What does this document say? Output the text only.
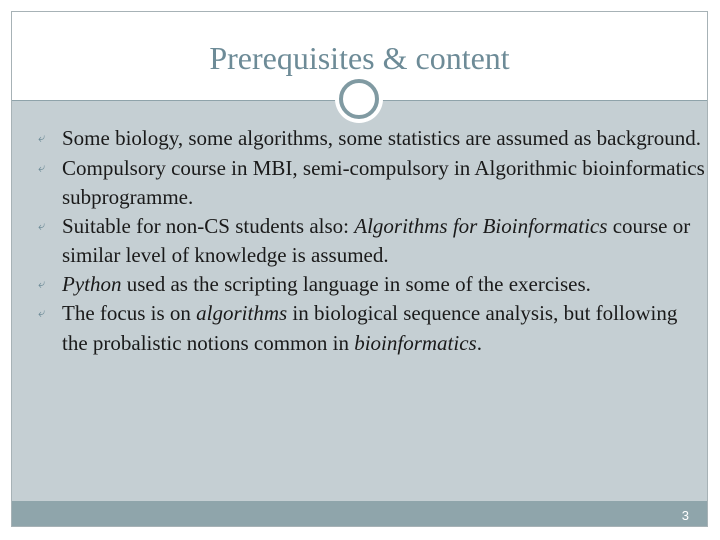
Prerequisites & content
⤶ Some biology, some algorithms, some statistics are assumed as background.
⤶ Compulsory course in MBI, semi-compulsory in Algorithmic bioinformatics subprogramme.
⤶ Suitable for non-CS students also: Algorithms for Bioinformatics course or similar level of knowledge is assumed.
⤶ Python used as the scripting language in some of the exercises.
⤶ The focus is on algorithms in biological sequence analysis, but following the probalistic notions common in bioinformatics.
3
